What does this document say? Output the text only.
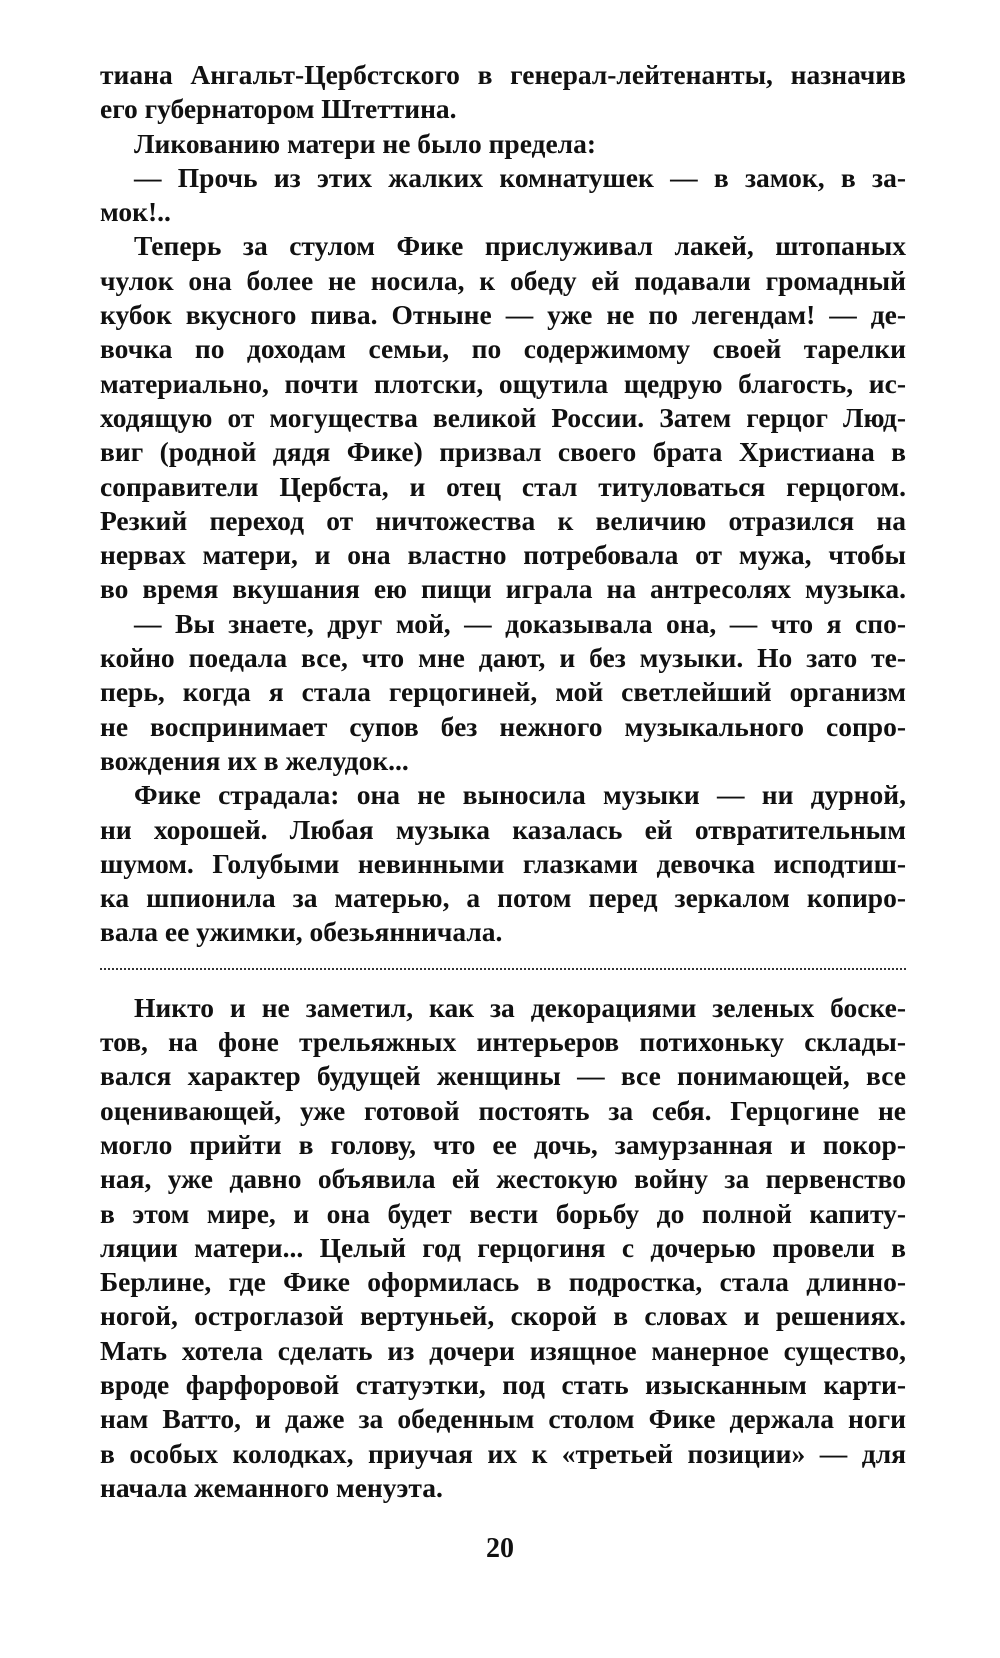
тиана Ангальт-Цербстского в генерал-лейтенанты, назначив
его губернатором Штеттина.
Ликованию матери не было предела:
— Прочь из этих жалких комнатушек — в замок, в за-
мок!..
Теперь за стулом Фике прислуживал лакей, штопаных
чулок она более не носила, к обеду ей подавали громадный
кубок вкусного пива. Отныне — уже не по легендам! — де-
вочка по доходам семьи, по содержимому своей тарелки
материально, почти плотски, ощутила щедрую благость, ис-
ходящую от могущества великой России. Затем герцог Люд-
виг (родной дядя Фике) призвал своего брата Христиана в
соправители Цербста, и отец стал титуловаться герцогом.
Резкий переход от ничтожества к величию отразился на
нервах матери, и она властно потребовала от мужа, чтобы
во время вкушания ею пищи играла на антресолях музыка.
— Вы знаете, друг мой, — доказывала она, — что я спо-
койно поедала все, что мне дают, и без музыки. Но зато те-
перь, когда я стала герцогиней, мой светлейший организм
не воспринимает супов без нежного музыкального сопро-
вождения их в желудок...
Фике страдала: она не выносила музыки — ни дурной,
ни хорошей. Любая музыка казалась ей отвратительным
шумом. Голубыми невинными глазками девочка исподтиш-
ка шпионила за матерью, а потом перед зеркалом копиро-
вала ее ужимки, обезьянничала.
Никто и не заметил, как за декорациями зеленых боске-
тов, на фоне трельяжных интерьеров потихоньку склады-
вался характер будущей женщины — все понимающей, все
оценивающей, уже готовой постоять за себя. Герцогине не
могло прийти в голову, что ее дочь, замурзанная и покор-
ная, уже давно объявила ей жестокую войну за первенство
в этом мире, и она будет вести борьбу до полной капиту-
ляции матери... Целый год герцогиня с дочерью провели в
Берлине, где Фике оформилась в подростка, стала длинно-
ногой, остроглазой вертуньей, скорой в словах и решениях.
Мать хотела сделать из дочери изящное манерное существо,
вроде фарфоровой статуэтки, под стать изысканным карти-
нам Ватто, и даже за обеденным столом Фике держала ноги
в особых колодках, приучая их к «третьей позиции» — для
начала жеманного менуэта.
20
